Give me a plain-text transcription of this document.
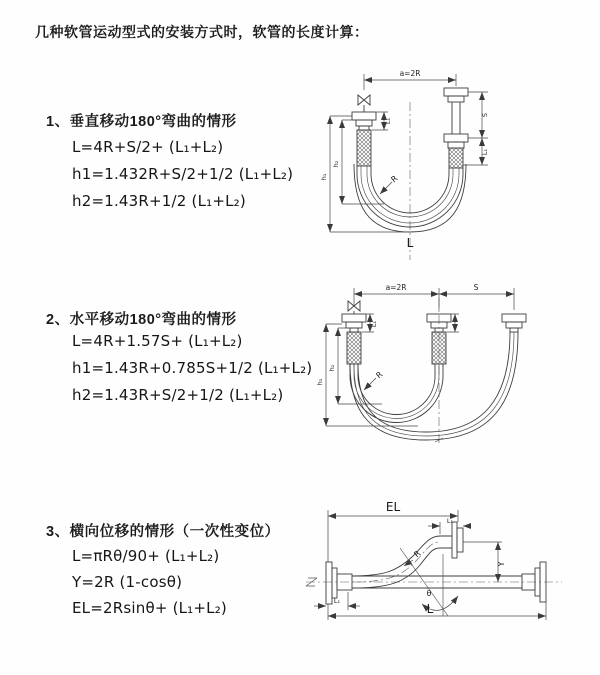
几种软管运动型式的安装方式时，软管的长度计算：
1、垂直移动180°弯曲的情形
L=4R+S/2+ (L₁+L₂)
h1=1.432R+S/2+1/2 (L₁+L₂)
h2=1.43R+1/2 (L₁+L₂)
2、水平移动180°弯曲的情形
L=4R+1.57S+ (L₁+L₂)
h1=1.43R+0.785S+1/2 (L₁+L₂)
h2=1.43R+S/2+1/2 (L₁+L₂)
3、横向位移的情形（一次性变位）
L=πRθ/90+ (L₁+L₂)
Y=2R (1-cosθ)
EL=2Rsinθ+ (L₁+L₂)
a=2R
R
h₁
h₂
L₁
S
L₁
L
a=2R	S
R
h₁
h₂
L₁
EL
L₁
Y
R
θ
L
L₁
